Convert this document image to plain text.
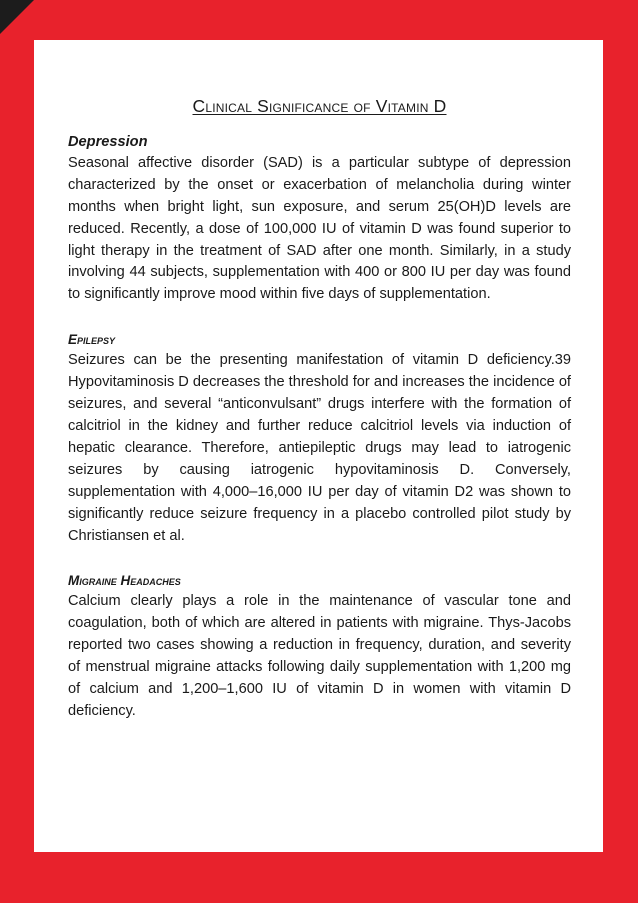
Clinical Significance of Vitamin D

Depression

Seasonal affective disorder (SAD) is a particular subtype of depression characterized by the onset or exacerbation of melancholia during winter months when bright light, sun exposure, and serum 25(OH)D levels are reduced. Recently, a dose of 100,000 IU of vitamin D was found superior to light therapy in the treatment of SAD after one month. Similarly, in a study involving 44 subjects, supplementation with 400 or 800 IU per day was found to significantly improve mood within five days of supplementation.

Epilepsy

Seizures can be the presenting manifestation of vitamin D deficiency.39 Hypovitaminosis D decreases the threshold for and increases the incidence of seizures, and several “anticonvulsant” drugs interfere with the formation of calcitriol in the kidney and further reduce calcitriol levels via induction of hepatic clearance. Therefore, antiepileptic drugs may lead to iatrogenic seizures by causing iatrogenic hypovitaminosis D. Conversely, supplementation with 4,000–16,000 IU per day of vitamin D2 was shown to significantly reduce seizure frequency in a placebo controlled pilot study by Christiansen et al.

Migraine Headaches

Calcium clearly plays a role in the maintenance of vascular tone and coagulation, both of which are altered in patients with migraine. Thys-Jacobs reported two cases showing a reduction in frequency, duration, and severity of menstrual migraine attacks following daily supplementation with 1,200 mg of calcium and 1,200–1,600 IU of vitamin D in women with vitamin D deficiency.
